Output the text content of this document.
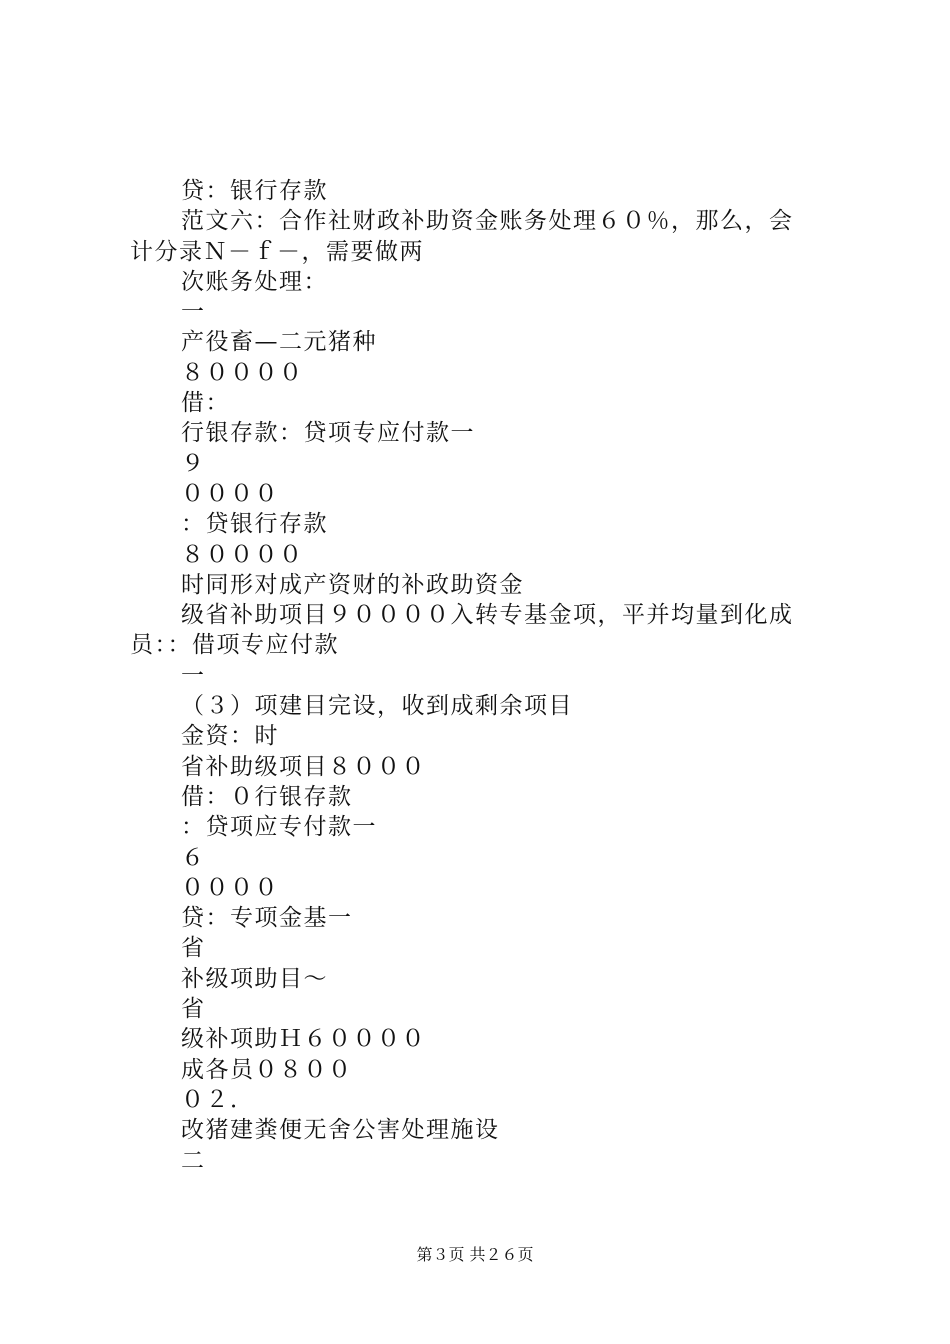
贷：银行存款
范文六：合作社财政补助资金账务处理６０％，那么，会
计分录Ｎ－ｆ－，需要做两
次账务处理：
一
产役畜—二元猪种
８００００
借：
行银存款：贷项专应付款一
９
００００
：贷银行存款
８００００
时同形对成产资财的补政助资金
级省补助项目９００００入转专基金项，平并均量到化成
员：：借项专应付款
一
（３）项建目完设，收到成剩余项目
金资：时
省补助级项目８０００
借：０行银存款
：贷项应专付款一
６
００００
贷：专项金基一
省
补级项助目～
省
级补项助Ｈ６００００
成各员０８００
０２．
改猪建粪便无舍公害处理施设
二
第３页 共２６页
